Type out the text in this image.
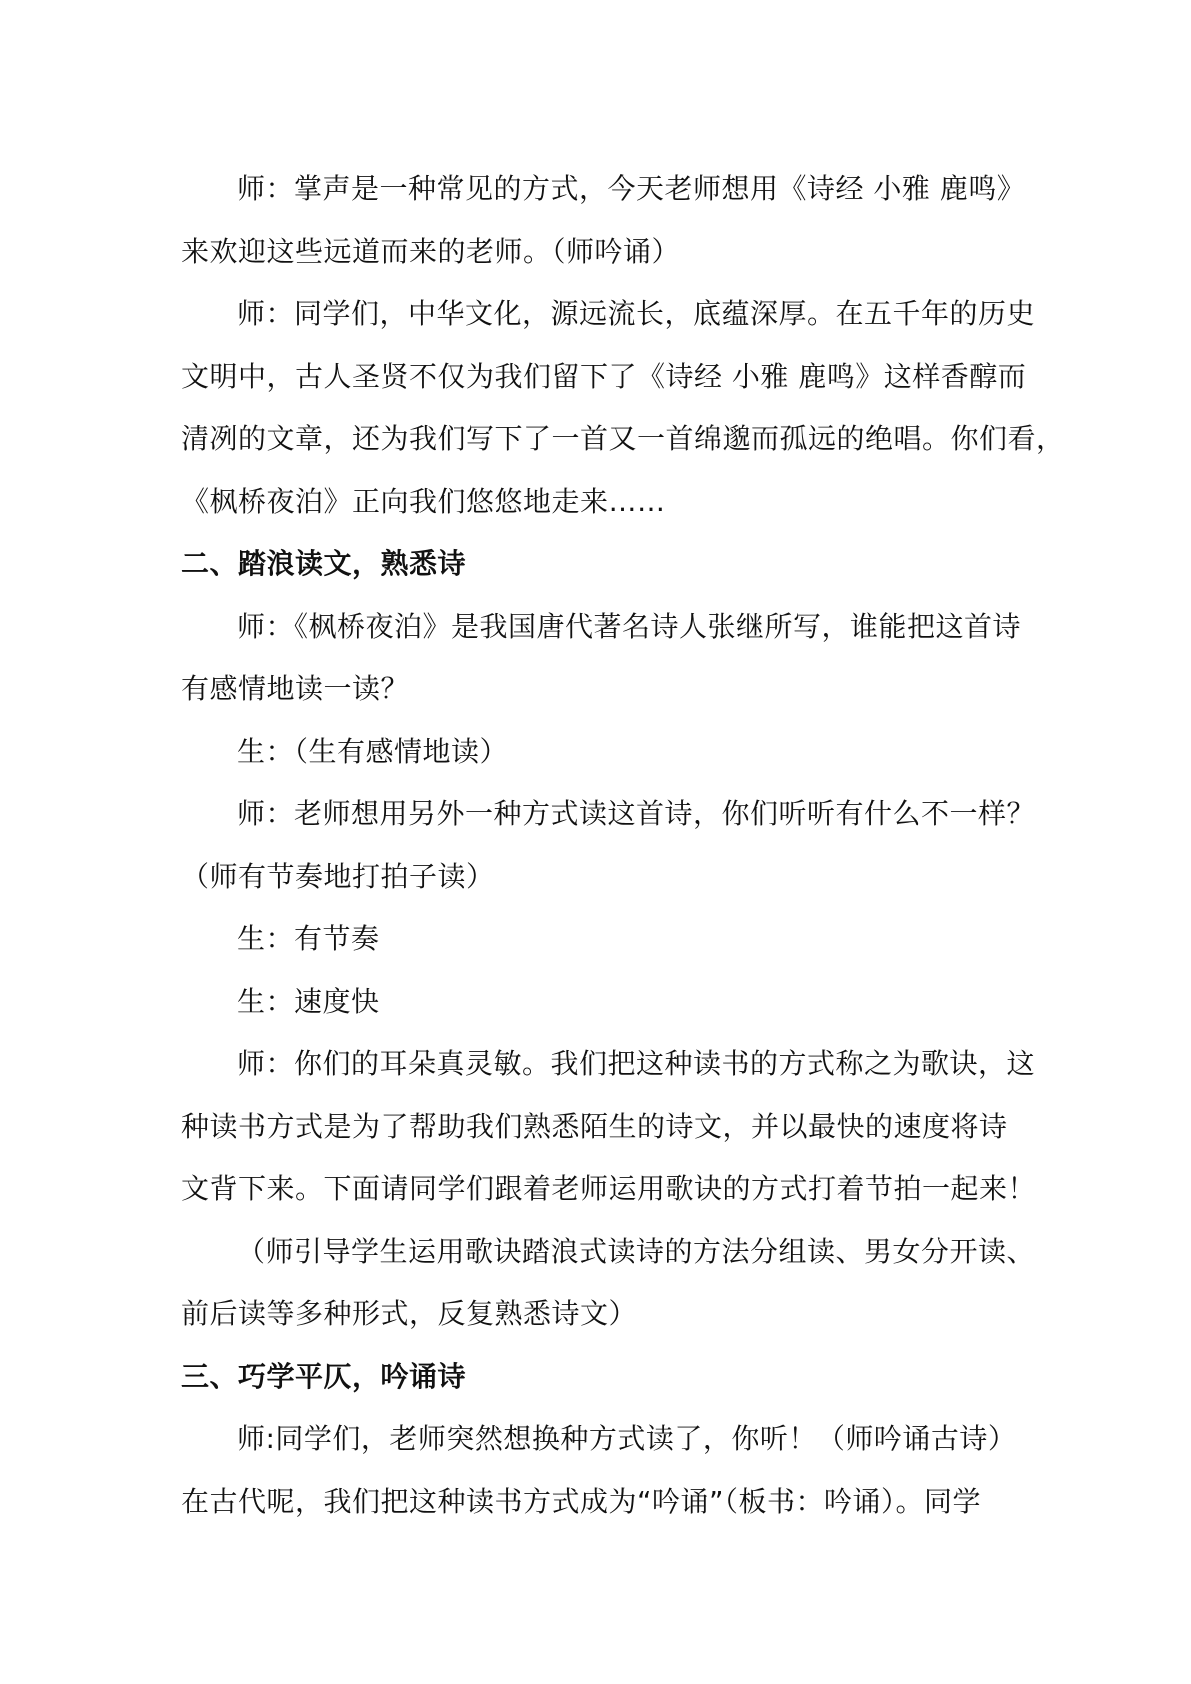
师：掌声是一种常见的方式，今天老师想用《诗经 小雅 鹿鸣》
来欢迎这些远道而来的老师。（师吟诵）
师：同学们，中华文化，源远流长，底蕴深厚。在五千年的历史
文明中，古人圣贤不仅为我们留下了《诗经 小雅 鹿鸣》这样香醇而
清冽的文章，还为我们写下了一首又一首绵邈而孤远的绝唱。你们看，
《枫桥夜泊》正向我们悠悠地走来……
二、踏浪读文，熟悉诗
师：《枫桥夜泊》是我国唐代著名诗人张继所写，谁能把这首诗
有感情地读一读？
生：（生有感情地读）
师：老师想用另外一种方式读这首诗，你们听听有什么不一样？
（师有节奏地打拍子读）
生：有节奏
生：速度快
师：你们的耳朵真灵敏。我们把这种读书的方式称之为歌诀，这
种读书方式是为了帮助我们熟悉陌生的诗文，并以最快的速度将诗
文背下来。下面请同学们跟着老师运用歌诀的方式打着节拍一起来！
（师引导学生运用歌诀踏浪式读诗的方法分组读、男女分开读、
前后读等多种形式，反复熟悉诗文）
三、巧学平仄，吟诵诗
师:同学们，老师突然想换种方式读了，你听！（师吟诵古诗）
在古代呢，我们把这种读书方式成为“吟诵”（板书：吟诵）。同学
